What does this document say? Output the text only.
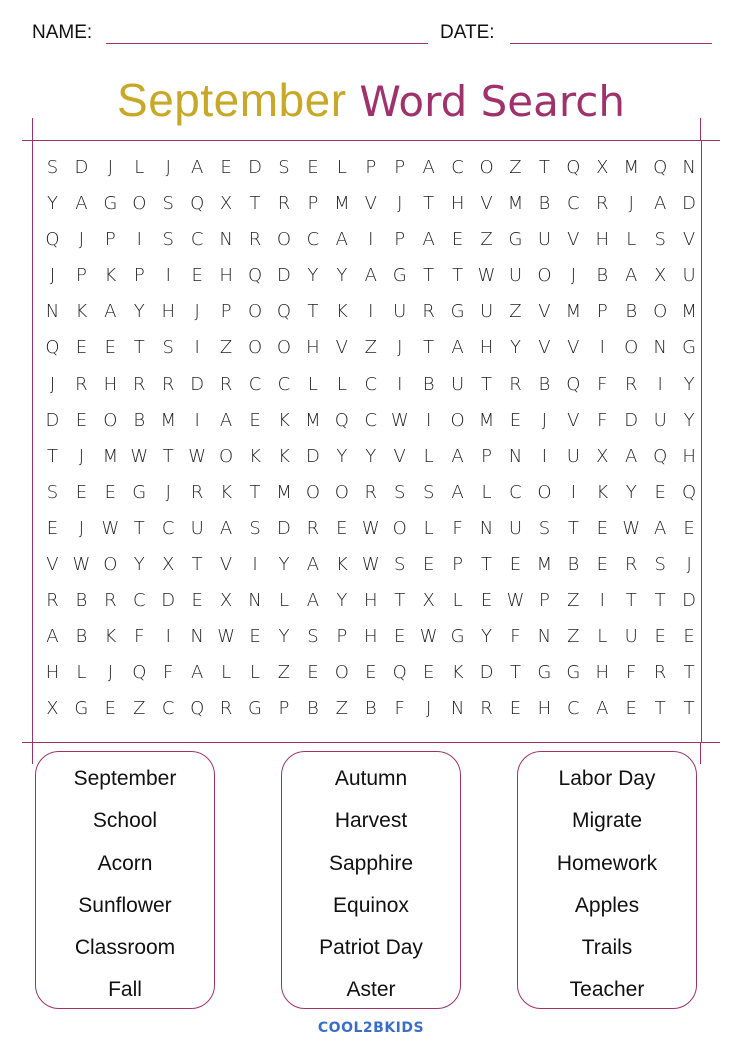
NAME:	DATE:
September Word Search
S D	J	L	J	A E D S E	L	P	P A C O Z T Q X M Q N
Y A G O S Q X T R P M V	J	T H V M B C R	J	A D
Q	J	P	I	S C N R O C A	I	P A E Z G U V H L	S V
J	P K P	I	E H Q D Y Y A G T T W U O	J	B A X U
N K A Y H	J	P O Q T K	I	U R G U Z V M P B O M
Q E E T S	I	Z O O H V Z	J	T A H Y V V	I	O N G
J	R H R R D R C C L	L C	I	B U T R B Q F R	I	Y
D E O B M	I	A E K M Q C W I	O M E	J	V F D U Y
T	J	M W T W O K K D Y Y V L A P N	I	U X A Q H
S E E G	J	R K T M O O R S S A L C O	I	K Y E Q
E	J W T C U A S D R E W O L	F N U S T E W A E
V W O Y X T V	I	Y A K W S E P	T E M B E R S	J
R B R C D E X N L A Y H T X L	E W P Z	I	T T D
A B K F	I	N W E Y S P H E W G Y	F N Z L U E E
H L	J	Q F A L	L Z E O E Q E K D T G G H F R T
X G E Z C Q R G P B Z B F	J	N R E H C A E T T
September
School
Acorn
Sunflower
Classroom
Fall
Autumn
Harvest
Sapphire
Equinox
Patriot Day
Aster
Labor Day
Migrate
Homework
Apples
Trails
Teacher
COOL2BKIDS
